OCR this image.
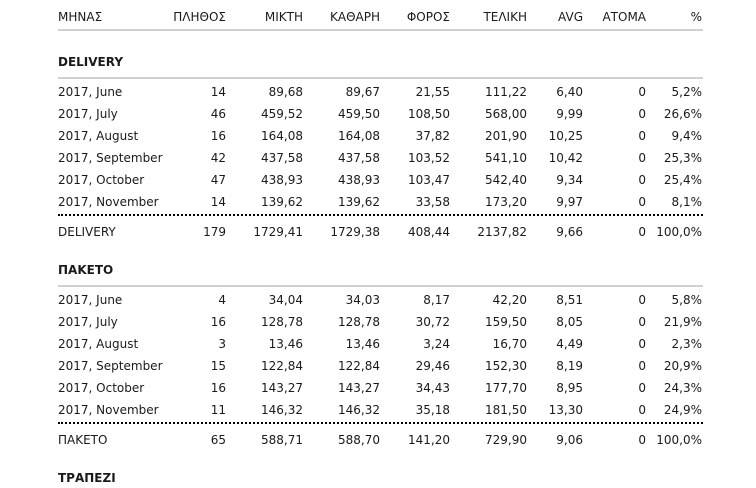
ΜΗΝΑΣ	ΠΛΗΘΟΣ	ΜΙΚΤΗ ΚΑΘΑΡΗ ΦΟΡΟΣ	ΤΕΛΙΚΗ	AVG ΑΤΟΜΑ	%
DELIVERY
2017, June	14	89,68	89,67	21,55	111,22 6,40	0 5,2%
2017, July	46	459,52	459,50 108,50	568,00 9,99	0 26,6%
2017, August	16	164,08	164,08	37,82	201,90 10,25	0 9,4%
2017, September	42	437,58	437,58 103,52	541,10 10,42	0 25,3%
2017, October	47	438,93	438,93 103,47	542,40 9,34	0 25,4%
2017, November	14	139,62	139,62	33,58	173,20 9,97	0 8,1%
DELIVERY	179 1729,41 1729,38 408,44 2137,82 9,66	0 100,0%
ΠΑΚΕΤΟ
2017, June	4	34,04	34,03	8,17	42,20 8,51	0 5,8%
2017, July	16	128,78	128,78	30,72	159,50 8,05	0 21,9%
2017, August	3	13,46	13,46	3,24	16,70 4,49	0 2,3%
2017, September	15	122,84	122,84	29,46	152,30 8,19	0 20,9%
2017, October	16	143,27	143,27	34,43	177,70 8,95	0 24,3%
2017, November	11	146,32	146,32	35,18	181,50 13,30	0 24,9%
ΠΑΚΕΤΟ	65	588,71	588,70 141,20	729,90 9,06	0 100,0%
ΤΡΑΠΕΖΙ
